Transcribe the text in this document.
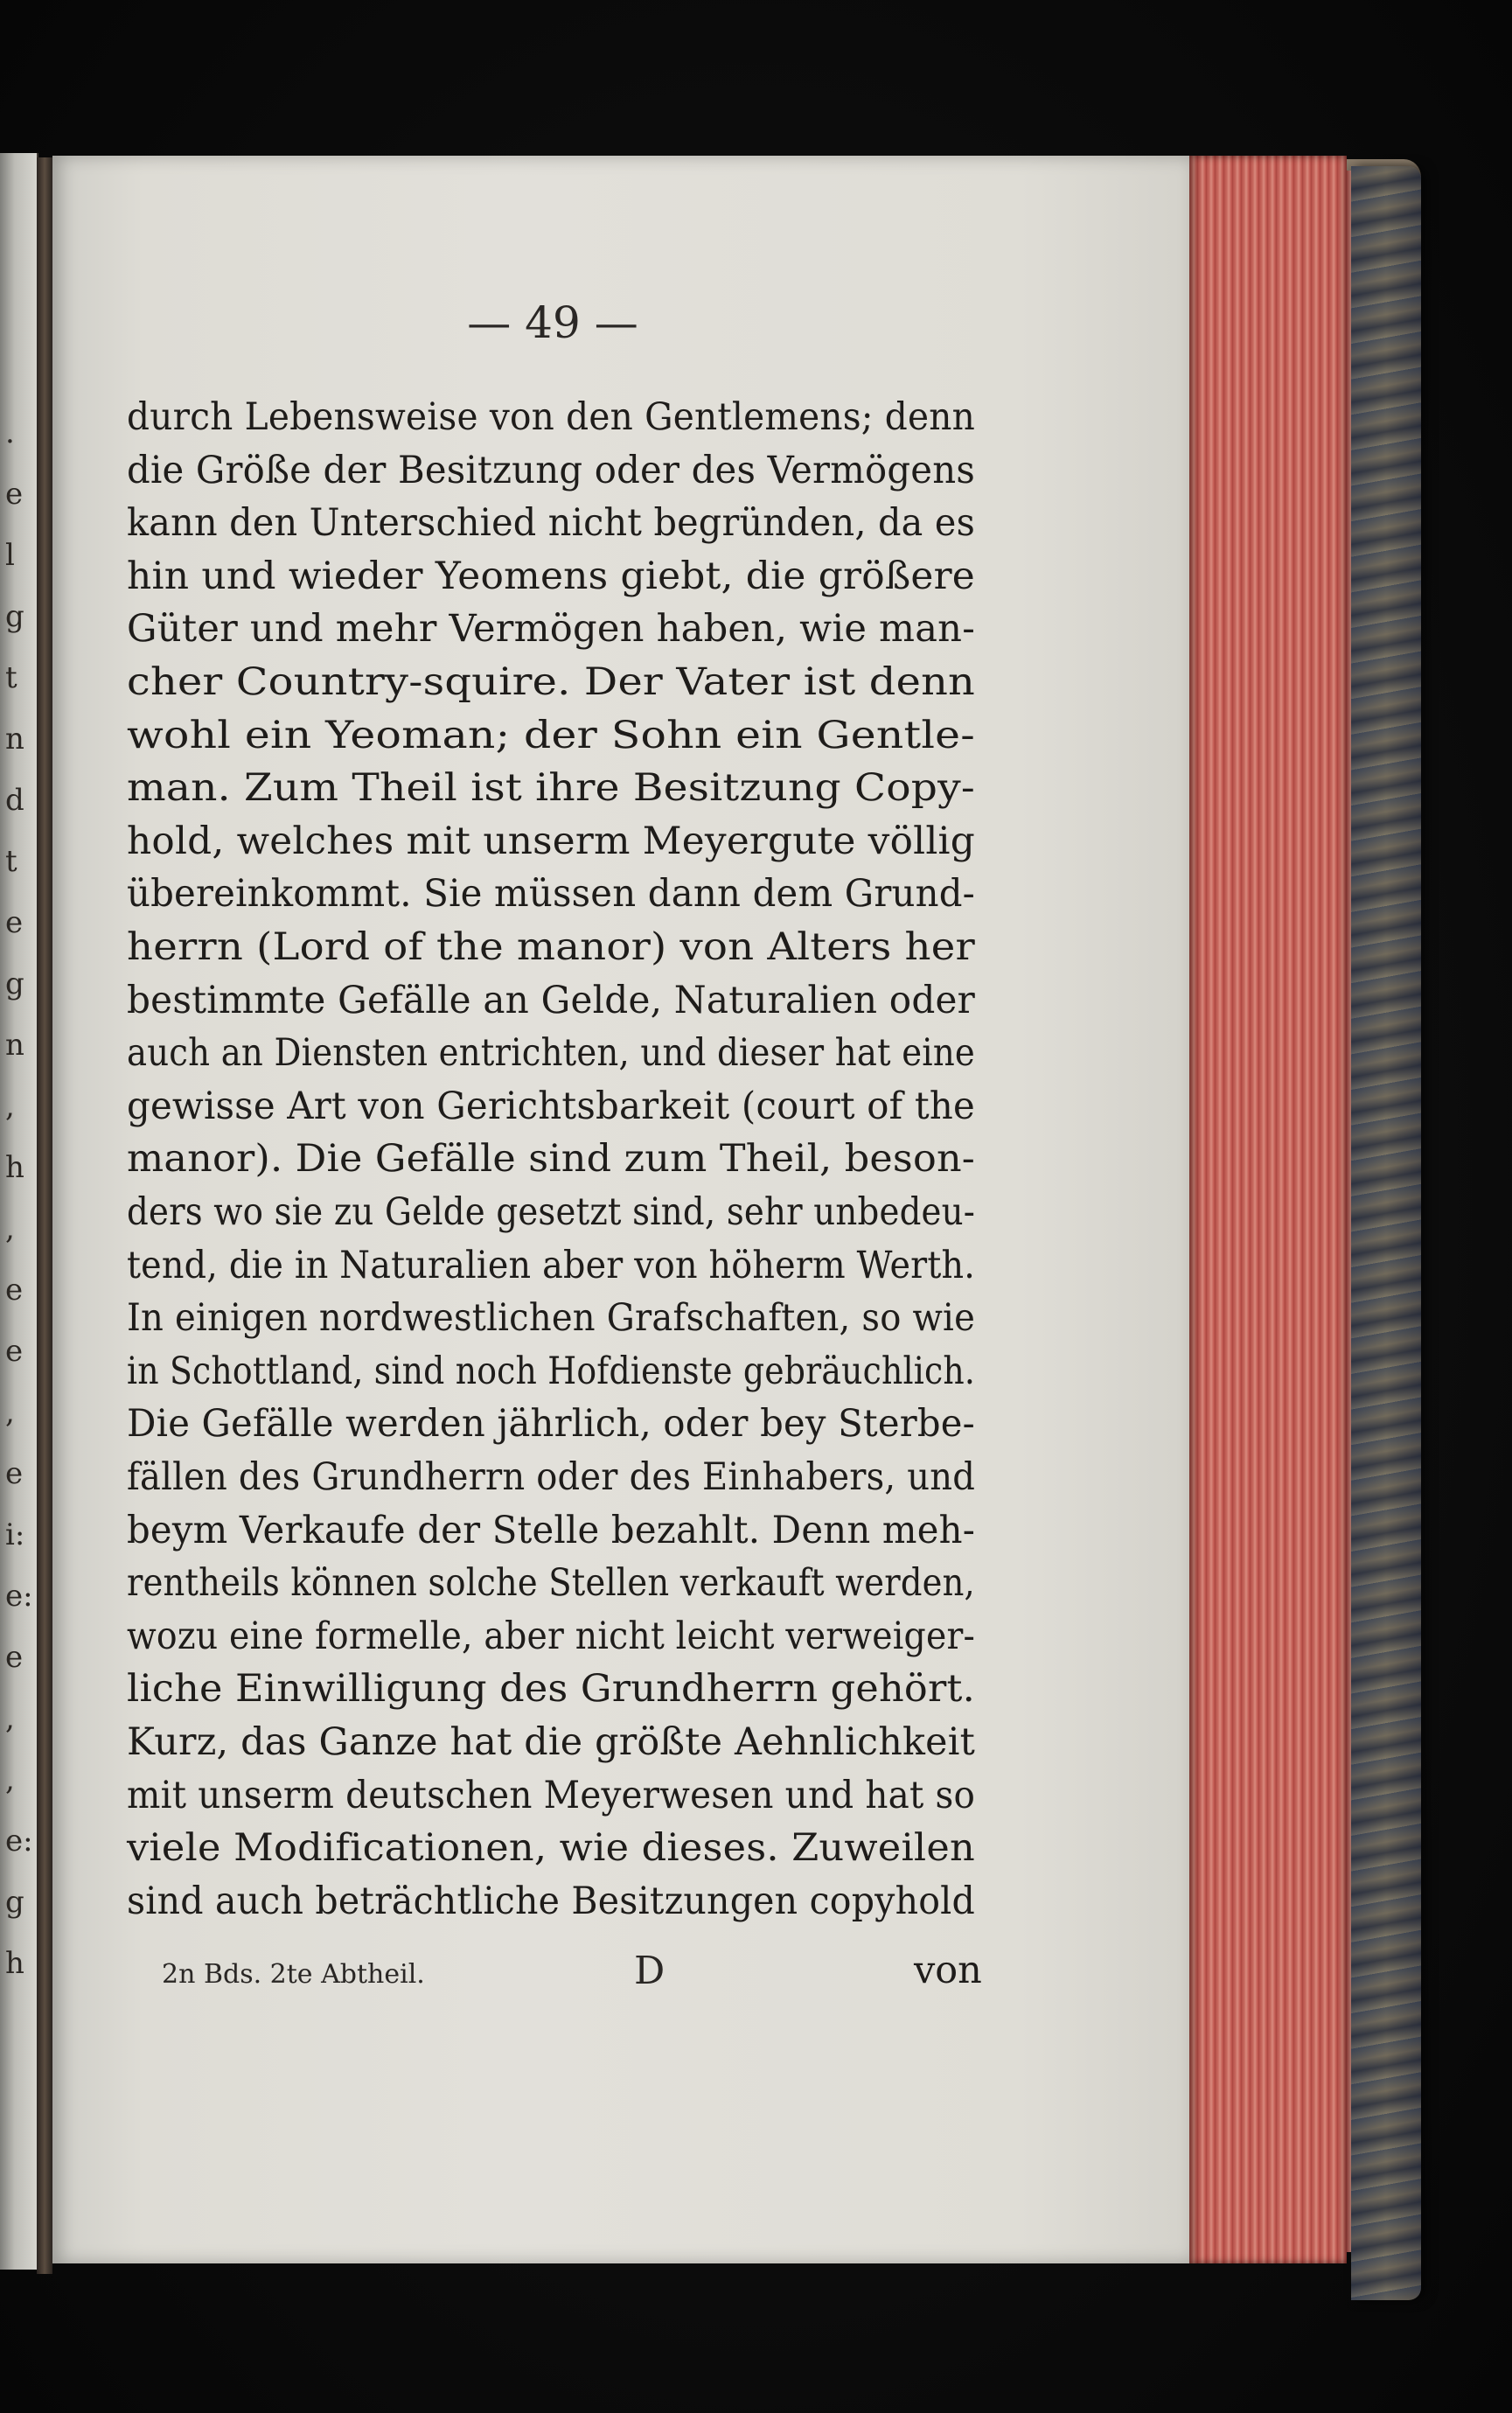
.
e
l
g
t
n
d
t
e
g
n
,
h
,
e
e
,
e
i:
e:
e
,
,
e:
g
h
— 49 —
durch Lebensweise von den Gentlemens; denn
die Größe der Besitzung oder des Vermögens
kann den Unterschied nicht begründen, da es
hin und wieder Yeomens giebt, die größere
Güter und mehr Vermögen haben, wie man-
cher Country-squire. Der Vater ist denn
wohl ein Yeoman; der Sohn ein Gentle-
man. Zum Theil ist ihre Besitzung Copy-
hold, welches mit unserm Meyergute völlig
übereinkommt. Sie müssen dann dem Grund-
herrn (Lord of the manor) von Alters her
bestimmte Gefälle an Gelde, Naturalien oder
auch an Diensten entrichten, und dieser hat eine
gewisse Art von Gerichtsbarkeit (court of the
manor). Die Gefälle sind zum Theil, beson-
ders wo sie zu Gelde gesetzt sind, sehr unbedeu-
tend, die in Naturalien aber von höherm Werth.
In einigen nordwestlichen Grafschaften, so wie
in Schottland, sind noch Hofdienste gebräuchlich.
Die Gefälle werden jährlich, oder bey Sterbe-
fällen des Grundherrn oder des Einhabers, und
beym Verkaufe der Stelle bezahlt. Denn meh-
rentheils können solche Stellen verkauft werden,
wozu eine formelle, aber nicht leicht verweiger-
liche Einwilligung des Grundherrn gehört.
Kurz, das Ganze hat die größte Aehnlichkeit
mit unserm deutschen Meyerwesen und hat so
viele Modificationen, wie dieses. Zuweilen
sind auch beträchtliche Besitzungen copyhold
2n Bds. 2te Abtheil.	D	von
